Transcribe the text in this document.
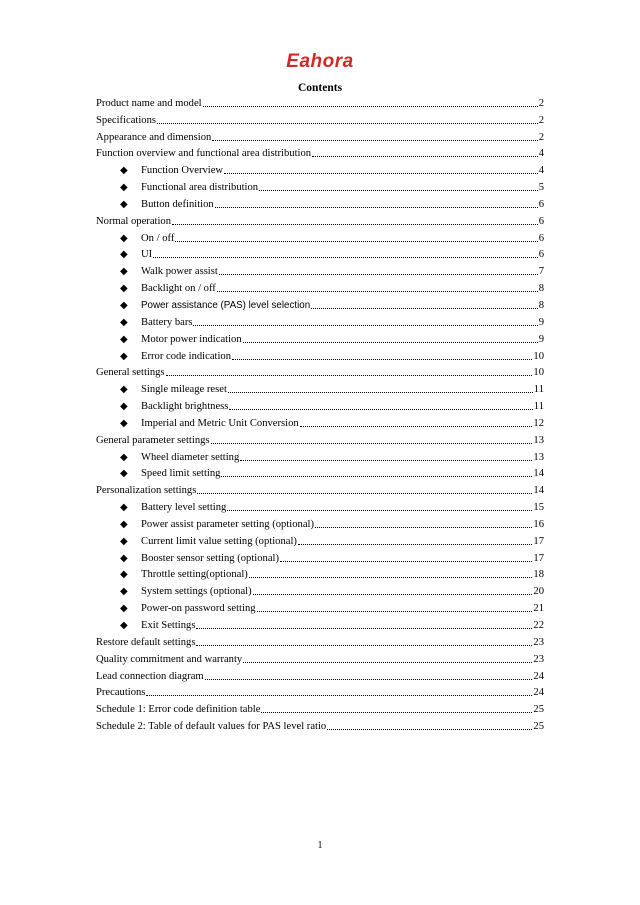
Eahora
Contents
Product name and model	2
Specifications	2
Appearance and dimension	2
Function overview and functional area distribution	4
◆	Function Overview	4
◆	Functional area distribution	5
◆	Button definition	6
Normal operation	6
◆	On / off	6
◆	UI	6
◆	Walk power assist	7
◆	Backlight on / off	8
◆	Power assistance (PAS) level selection	8
◆	Battery bars	9
◆	Motor power indication	9
◆	Error code indication	10
General settings	10
◆	Single mileage reset	11
◆	Backlight brightness	11
◆	Imperial and Metric Unit Conversion	12
General parameter settings	13
◆	Wheel diameter setting	13
◆	Speed limit setting	14
Personalization settings	14
◆	Battery level setting	15
◆	Power assist parameter setting (optional)	16
◆	Current limit value setting (optional)	17
◆	Booster sensor setting (optional)	17
◆	Throttle setting(optional)	18
◆	System settings (optional)	20
◆	Power-on password setting	21
◆	Exit Settings	22
Restore default settings	23
Quality commitment and warranty	23
Lead connection diagram	24
Precautions	24
Schedule 1: Error code definition table	25
Schedule 2: Table of default values for PAS level ratio	25
1
